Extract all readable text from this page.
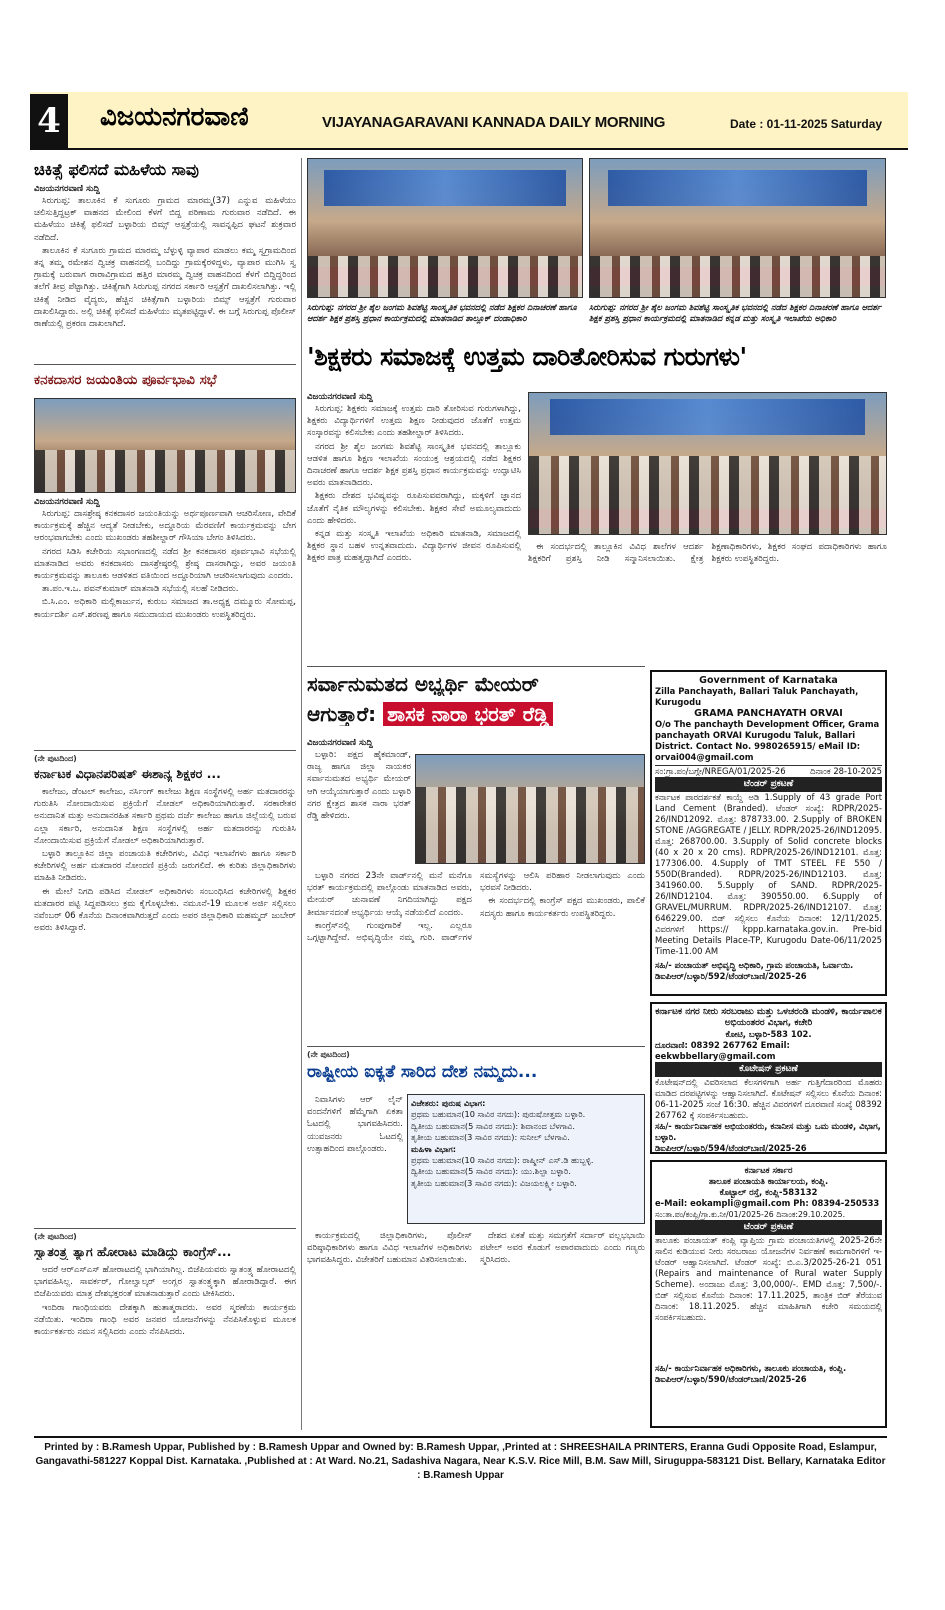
4 ವಿಜಯನಗರವಾಣಿ	VIJAYANAGARAVANI KANNADA DAILY MORNING	Date : 01-11-2025 Saturday
ಚಿಕಿತ್ಸೆ ಫಲಿಸದೆ ಮಹಿಳೆಯ ಸಾವು
ವಿಜಯನಗರವಾಣಿ ಸುದ್ದಿ

ಸಿರುಗುಪ್ಪ: ತಾಲೂಕಿನ ಕೆ ಸುಗೂರು ಗ್ರಾಮದ ಮಾರಮ್ಮ(37) ಎನ್ನುವ ಮಹಿಳೆಯು ಚಲಿಸುತ್ತಿದ್ದಟ್ರಕ್ ವಾಹನದ ಮೇಲಿಂದ ಕೆಳಗೆ ಬಿದ್ದ ಪರಿಣಾಮ ಗುರುವಾರ ನಡೆದಿದೆ. ಈ ಮಹಿಳೆಯು ಚಿಕಿತ್ಸೆ ಫಲಿಸದೆ ಬಳ್ಳಾರಿಯ ಬಿಮ್ಸ್ ಆಸ್ಪತ್ರೆಯಲ್ಲಿ ಸಾವನ್ನಪ್ಪಿದ ಘಟನೆ ಶುಕ್ರವಾರ ನಡೆದಿದೆ.

ತಾಲೂಕಿನ ಕೆ ಸುಗೂರು ಗ್ರಾಮದ ಮಾರಮ್ಮ ಬೆಳ್ಳುಳ್ಳಿ ವ್ಯಾಪಾರ ಮಾಡಲು ಕಮ್ಮ ಸ್ವಗ್ರಾಮದಿಂದ ತನ್ನ ತಮ್ಮ ರಮೇಶನ ದ್ವಿಚಕ್ರ ವಾಹನದಲ್ಲಿ ಬಂದಿದ್ದು ಗ್ರಾಮಕ್ಕೆರಳಿದ್ದಳು, ವ್ಯಾಪಾರ ಮುಗಿಸಿ ಸ್ವ ಗ್ರಾಮಕ್ಕೆ ಬರುವಾಗ ರಾರಾವಿಗ್ರಾಮದ ಹತ್ತಿರ ಮಾರಮ್ಮ ದ್ವಿಚಕ್ರ ವಾಹನದಿಂದ ಕೆಳಗೆ ಬಿದ್ದಿದ್ದರಿಂದ ತಲೆಗೆ ತೀವ್ರ ಪೆಟ್ಟಾಗಿತ್ತು. ಚಿಕಿತ್ಸೆಗಾಗಿ ಸಿರುಗುಪ್ಪ ನಗರದ ಸರ್ಕಾರಿ ಆಸ್ಪತ್ರೆಗೆ ದಾಖಲಿಸಲಾಗಿತ್ತು. ಇಲ್ಲಿ ಚಿಕಿತ್ಸೆ ನೀಡಿದ ವೈದ್ಯರು, ಹೆಚ್ಚಿನ ಚಿಕಿತ್ಸೆಗಾಗಿ ಬಳ್ಳಾರಿಯ ಬಿಮ್ಸ್ ಆಸ್ಪತ್ರೆಗೆ ಗುರುವಾರ ದಾಖಲಿಸಿದ್ದಾರು. ಅಲ್ಲಿ ಚಿಕಿತ್ಸೆ ಫಲಿಸದೆ ಮಹಿಳೆಯು ಮೃತಪಟ್ಟಿದ್ದಾಳೆ. ಈ ಬಗ್ಗೆ ಸಿರುಗುಪ್ಪ ಪೊಲೀಸ್ ಠಾಣೆಯಲ್ಲಿ ಪ್ರಕರಣ ದಾಖಲಾಗಿದೆ.

ಕನಕದಾಸರ ಜಯಂತಿಯ ಪೂರ್ವಭಾವಿ ಸಭೆ
ವಿಜಯನಗರವಾಣಿ ಸುದ್ದಿ

ಸಿರುಗುಪ್ಪ: ದಾಸಶ್ರೇಷ್ಠ ಕನಕದಾಸರ ಜಯಂತಿಯನ್ನು ಅರ್ಥಪೂರ್ಣವಾಗಿ ಆಚರಿಸೋಣ, ವೇದಿಕೆ ಕಾರ್ಯಕ್ರಮಕ್ಕೆ ಹೆಚ್ಚಿನ ಆದ್ಯತೆ ನೀಡಬೇಕು, ಅದ್ದೂರಿಯ ಮೆರವಣಿಗೆ ಕಾರ್ಯಕ್ರಮವನ್ನು ಬೇಗ ಆರಂಭವಾಗಬೇಕು ಎಂದು ಮುಖಂಡರು ತಹಶೀಲ್ದಾರ್ ಗೌಸಿಯಾ ಬೇಗಂ ತಿಳಿಸಿದರು.

ನಗರದ ಸಿಡಿಸಿ ಕಚೇರಿಯ ಸಭಾಂಗಣದಲ್ಲಿ ನಡೆದ ಶ್ರೀ ಕನಕದಾಸರ ಪೂರ್ವಭಾವಿ ಸಭೆಯಲ್ಲಿ ಮಾತನಾಡಿದ ಅವರು ಕನಕದಾಸರು ದಾಸಶ್ರೇಷ್ಠರಲ್ಲಿ ಶ್ರೇಷ್ಠ ದಾಸರಾಗಿದ್ದು, ಅವರ ಜಯಂತಿ ಕಾರ್ಯಕ್ರಮವನ್ನು ತಾಲೂಕು ಆಡಳಿತದ ವತಿಯಿಂದ ಅದ್ದೂರಿಯಾಗಿ ಆಚರಿಸಲಾಗುವುದು ಎಂದರು.

ತಾ.ಪಂ.ಇ.ಒ. ಪವನ್‌ಕುಮಾರ್ ಮಾತನಾಡಿ ಸಭೆಯಲ್ಲಿ ಸಲಹೆ ನೀಡಿದರು.

ಬಿ.ಸಿ.ಎಂ. ಅಧಿಕಾರಿ ಮಲ್ಲಿಕಾರ್ಜುನ, ಕುರುಬ ಸಮಾಜದ ತಾ.ಅಧ್ಯಕ್ಷ ದಮ್ಮೂರು ಸೋಮಪ್ಪ, ಕಾರ್ಯದರ್ಶಿ ಎಸ್.ಶರಣಪ್ಪ ಹಾಗೂ ಸಮುದಾಯದ ಮುಖಂಡರು ಉಪಸ್ಥಿತರಿದ್ದರು.

(ನೇ ಪುಟದಿಂದ)
ಕರ್ನಾಟಕ ವಿಧಾನಪರಿಷತ್ ಈಶಾನ್ಯ ಶಿಕ್ಷಕರ ...

ಕಾಲೇಜು, ಡೆಂಟಲ್ ಕಾಲೇಜು, ನರ್ಸಿಂಗ್ ಕಾಲೇಜು ಶಿಕ್ಷಣ ಸಂಸ್ಥೆಗಳಲ್ಲಿ ಅರ್ಹ ಮತದಾರರನ್ನು ಗುರುತಿಸಿ ನೋಂದಾಯಿಸುವ ಪ್ರಕ್ರಿಯೆಗೆ ನೋಡಲ್ ಅಧಿಕಾರಿಯಾಗಿರುತ್ತಾರೆ. ಸರಕಾರೇತರ ಅನುದಾನಿತ ಮತ್ತು ಅನುದಾನರಹಿತ ಸರ್ಕಾರಿ ಪ್ರಥಮ ದರ್ಜೆ ಕಾಲೇಜು ಹಾಗೂ ಜಿಲ್ಲೆಯಲ್ಲಿ ಬರುವ ಎಲ್ಲಾ ಸರ್ಕಾರಿ, ಅನುದಾನಿತ ಶಿಕ್ಷಣ ಸಂಸ್ಥೆಗಳಲ್ಲಿ ಅರ್ಹ ಮತದಾರರನ್ನು ಗುರುತಿಸಿ ನೋಂದಾಯಿಸುವ ಪ್ರಕ್ರಿಯೆಗೆ ನೋಡಲ್ ಅಧಿಕಾರಿಯಾಗಿರುತ್ತಾರೆ.

ಬಳ್ಳಾರಿ ತಾಲ್ಲೂಕಿನ ಜಿಲ್ಲಾ ಪಂಚಾಯತಿ ಕಚೇರಿಗಳು, ವಿವಿಧ ಇಲಾಖೆಗಳು ಹಾಗೂ ಸರ್ಕಾರಿ ಕಚೇರಿಗಳಲ್ಲಿ ಅರ್ಹ ಮತದಾರರ ನೋಂದಣಿ ಪ್ರಕ್ರಿಯೆ ಜರುಗಲಿದೆ. ಈ ಕುರಿತು ಜಿಲ್ಲಾಧಿಕಾರಿಗಳು ಮಾಹಿತಿ ನೀಡಿದರು.

ಈ ಮೇಲೆ ನಿಗದಿ ಪಡಿಸಿದ ನೋಡಲ್ ಅಧಿಕಾರಿಗಳು ಸಂಬಂಧಿಸಿದ ಕಚೇರಿಗಳಲ್ಲಿ ಶಿಕ್ಷಕರ ಮತದಾರರ ಪಟ್ಟಿ ಸಿದ್ದಪಡಿಸಲು ಕ್ರಮ ಕೈಗೊಳ್ಳಬೇಕು. ನಮೂನೆ-19 ಮೂಲಕ ಅರ್ಜಿ ಸಲ್ಲಿಸಲು ನವೆಂಬರ್ 06 ಕೊನೆಯ ದಿನಾಂಕವಾಗಿರುತ್ತದೆ ಎಂದು ಅಪರ ಜಿಲ್ಲಾಧಿಕಾರಿ ಮಹಮ್ಮದ್ ಜುಬೇರ್ ಅವರು ತಿಳಿಸಿದ್ದಾರೆ.

(ನೇ ಪುಟದಿಂದ)
ಸ್ವಾತಂತ್ರ್ಯ ತ್ಯಾಗ ಹೋರಾಟ ಮಾಡಿದ್ದು ಕಾಂಗ್ರೆಸ್...

ಆದರೆ ಆರ್‌ಎಸ್‌ಎಸ್ ಹೋರಾಟದಲ್ಲಿ ಭಾಗಿಯಾಗಿಲ್ಲ. ಬಿಜೆಪಿಯವರು ಸ್ವಾತಂತ್ರ್ಯ ಹೋರಾಟದಲ್ಲಿ ಭಾಗವಹಿಸಿಲ್ಲ. ಸಾವರ್ಕರ್, ಗೋಲ್ವಾಲ್ಕರ್ ಅಂಗ್ಲರ ಸ್ವಾತಂತ್ರ್ಯಕ್ಕಾಗಿ ಹೋರಾಡಿದ್ದಾರೆ. ಈಗ ಬಿಜೆಪಿಯವರು ಮಾತ್ರ ದೇಶಭಕ್ತರಂತೆ ಮಾತನಾಡುತ್ತಾರೆ ಎಂದು ಟೀಕಿಸಿದರು.

ಇಂದಿರಾ ಗಾಂಧಿಯವರು ದೇಶಕ್ಕಾಗಿ ಹುತಾತ್ಮರಾದರು. ಅವರ ಸ್ಮರಣೆಯ ಕಾರ್ಯಕ್ರಮ ನಡೆಯಿತು. ಇಂದಿರಾ ಗಾಂಧಿ ಅವರ ಜನಪರ ಯೋಜನೆಗಳನ್ನು ನೆನಪಿಸಿಕೊಳ್ಳುವ ಮೂಲಕ ಕಾರ್ಯಕರ್ತರು ನಮನ ಸಲ್ಲಿಸಿದರು ಎಂದು ನೆನಪಿಸಿದರು.

ಸಿರುಗುಪ್ಪ: ನಗರದ ಶ್ರೀ ಶೈಲ ಜಂಗಮ ಶಿವಶೆಟ್ಟಿ ಸಾಂಸ್ಕೃತಿಕ ಭವನದಲ್ಲಿ ನಡೆದ ಶಿಕ್ಷಕರ ದಿನಾಚರಣೆ ಹಾಗೂ ಆದರ್ಶ ಶಿಕ್ಷಕ ಪ್ರಶಸ್ತಿ ಪ್ರಧಾನ ಕಾರ್ಯಕ್ರಮದಲ್ಲಿ ಮಾತನಾಡಿದ ತಾಲ್ಲೂಕ್ ದಂಡಾಧಿಕಾರಿ
ಸಿರುಗುಪ್ಪ: ನಗರದ ಶ್ರೀ ಶೈಲ ಜಂಗಮ ಶಿವಶೆಟ್ಟಿ ಸಾಂಸ್ಕೃತಿಕ ಭವನದಲ್ಲಿ ನಡೆದ ಶಿಕ್ಷಕರ ದಿನಾಚರಣೆ ಹಾಗೂ ಆದರ್ಶ ಶಿಕ್ಷಕ ಪ್ರಶಸ್ತಿ ಪ್ರಧಾನ ಕಾರ್ಯಕ್ರಮದಲ್ಲಿ ಮಾತನಾಡಿದ ಕನ್ನಡ ಮತ್ತು ಸಂಸ್ಕೃತಿ ಇಲಾಖೆಯ ಅಧಿಕಾರಿ
'ಶಿಕ್ಷಕರು ಸಮಾಜಕ್ಕೆ ಉತ್ತಮ ದಾರಿತೋರಿಸುವ ಗುರುಗಳು'
ವಿಜಯನಗರವಾಣಿ ಸುದ್ದಿ

ಸಿರುಗುಪ್ಪ: ಶಿಕ್ಷಕರು ಸಮಾಜಕ್ಕೆ ಉತ್ತಮ ದಾರಿ ತೋರಿಸುವ ಗುರುಗಳಾಗಿದ್ದು, ಶಿಕ್ಷಕರು ವಿದ್ಯಾರ್ಥಿಗಳಿಗೆ ಉತ್ತಮ ಶಿಕ್ಷಣ ನೀಡುವುದರ ಜೊತೆಗೆ ಉತ್ತಮ ಸಂಸ್ಕಾರವನ್ನು ಕಲಿಸಬೇಕು ಎಂದು ತಹಶೀಲ್ದಾರ್ ತಿಳಿಸಿದರು.

ನಗರದ ಶ್ರೀ ಶೈಲ ಜಂಗಮ ಶಿವಶೆಟ್ಟಿ ಸಾಂಸ್ಕೃತಿಕ ಭವನದಲ್ಲಿ ತಾಲ್ಲೂಕು ಆಡಳಿತ ಹಾಗೂ ಶಿಕ್ಷಣ ಇಲಾಖೆಯ ಸಂಯುಕ್ತ ಆಶ್ರಯದಲ್ಲಿ ನಡೆದ ಶಿಕ್ಷಕರ ದಿನಾಚರಣೆ ಹಾಗೂ ಆದರ್ಶ ಶಿಕ್ಷಕ ಪ್ರಶಸ್ತಿ ಪ್ರಧಾನ ಕಾರ್ಯಕ್ರಮವನ್ನು ಉದ್ಘಾಟಿಸಿ ಅವರು ಮಾತನಾಡಿದರು.

ಶಿಕ್ಷಕರು ದೇಶದ ಭವಿಷ್ಯವನ್ನು ರೂಪಿಸುವವರಾಗಿದ್ದು, ಮಕ್ಕಳಿಗೆ ಜ್ಞಾನದ ಜೊತೆಗೆ ನೈತಿಕ ಮೌಲ್ಯಗಳನ್ನು ಕಲಿಸಬೇಕು. ಶಿಕ್ಷಕರ ಸೇವೆ ಅಮೂಲ್ಯವಾದುದು ಎಂದು ಹೇಳಿದರು.

ಕನ್ನಡ ಮತ್ತು ಸಂಸ್ಕೃತಿ ಇಲಾಖೆಯ ಅಧಿಕಾರಿ ಮಾತನಾಡಿ, ಸಮಾಜದಲ್ಲಿ ಶಿಕ್ಷಕರ ಸ್ಥಾನ ಬಹಳ ಉನ್ನತವಾದುದು. ವಿದ್ಯಾರ್ಥಿಗಳ ಜೀವನ ರೂಪಿಸುವಲ್ಲಿ ಶಿಕ್ಷಕರ ಪಾತ್ರ ಮಹತ್ವದ್ದಾಗಿದೆ ಎಂದರು.

ಈ ಸಂದರ್ಭದಲ್ಲಿ ತಾಲ್ಲೂಕಿನ ವಿವಿಧ ಶಾಲೆಗಳ ಆದರ್ಶ ಶಿಕ್ಷಕರಿಗೆ ಪ್ರಶಸ್ತಿ ನೀಡಿ ಸನ್ಮಾನಿಸಲಾಯಿತು. ಕ್ಷೇತ್ರ ಶಿಕ್ಷಣಾಧಿಕಾರಿಗಳು, ಶಿಕ್ಷಕರ ಸಂಘದ ಪದಾಧಿಕಾರಿಗಳು ಹಾಗೂ ಶಿಕ್ಷಕರು ಉಪಸ್ಥಿತರಿದ್ದರು.

ಸರ್ವಾನುಮತದ ಅಭ್ಯರ್ಥಿ ಮೇಯರ್
ಆಗುತ್ತಾರೆ: ಶಾಸಕ ನಾರಾ ಭರತ್ ರೆಡ್ಡಿ
ವಿಜಯನಗರವಾಣಿ ಸುದ್ದಿ

ಬಳ್ಳಾರಿ: ಪಕ್ಷದ ಹೈಕಮಾಂಡ್, ರಾಜ್ಯ ಹಾಗೂ ಜಿಲ್ಲಾ ನಾಯಕರ ಸರ್ವಾನುಮತದ ಅಭ್ಯರ್ಥಿ ಮೇಯರ್ ಆಗಿ ಆಯ್ಕೆಯಾಗುತ್ತಾರೆ ಎಂದು ಬಳ್ಳಾರಿ ನಗರ ಕ್ಷೇತ್ರದ ಶಾಸಕ ನಾರಾ ಭರತ್ ರೆಡ್ಡಿ ಹೇಳಿದರು.

ಬಳ್ಳಾರಿ ನಗರದ 23ನೇ ವಾರ್ಡ್‌ನಲ್ಲಿ ಮನೆ ಮನೆಗೂ ಭರತ್ ಕಾರ್ಯಕ್ರಮದಲ್ಲಿ ಪಾಲ್ಗೊಂಡು ಮಾತನಾಡಿದ ಅವರು, ಮೇಯರ್ ಚುನಾವಣೆ ನಿಗದಿಯಾಗಿದ್ದು ಪಕ್ಷದ ತೀರ್ಮಾನದಂತೆ ಅಭ್ಯರ್ಥಿಯ ಆಯ್ಕೆ ನಡೆಯಲಿದೆ ಎಂದರು.

ಕಾಂಗ್ರೆಸ್‌ನಲ್ಲಿ ಗುಂಪುಗಾರಿಕೆ ಇಲ್ಲ. ಎಲ್ಲರೂ ಒಗ್ಗಟ್ಟಾಗಿದ್ದೇವೆ. ಅಭಿವೃದ್ಧಿಯೇ ನಮ್ಮ ಗುರಿ. ವಾರ್ಡ್‌ಗಳ ಸಮಸ್ಯೆಗಳನ್ನು ಆಲಿಸಿ ಪರಿಹಾರ ನೀಡಲಾಗುವುದು ಎಂದು ಭರವಸೆ ನೀಡಿದರು.

ಈ ಸಂದರ್ಭದಲ್ಲಿ ಕಾಂಗ್ರೆಸ್ ಪಕ್ಷದ ಮುಖಂಡರು, ಪಾಲಿಕೆ ಸದಸ್ಯರು ಹಾಗೂ ಕಾರ್ಯಕರ್ತರು ಉಪಸ್ಥಿತರಿದ್ದರು.

(ನೇ ಪುಟದಿಂದ)
ರಾಷ್ಟ್ರೀಯ ಐಕ್ಯತೆ ಸಾರಿದ ದೇಶ ನಮ್ಮದು...

ನಿವಾಸಿಗಳು ಆರ್ ಲೈನ್ ವಂದನೆಗಳಿಗೆ ಹೆಮ್ಮೆಗಾಗಿ ಏಕತಾ ಓಟದಲ್ಲಿ ಭಾಗವಹಿಸಿದರು. ಯುವಜನರು ಓಟದಲ್ಲಿ ಉತ್ಸಾಹದಿಂದ ಪಾಲ್ಗೊಂಡರು.

ವಿಜೇತರು: ಪುರುಷ ವಿಭಾಗ:
ಪ್ರಥಮ ಬಹುಮಾನ(10 ಸಾವಿರ ನಗದು): ಪುರುಷೋತ್ತಮ ಬಳ್ಳಾರಿ.
ದ್ವಿತೀಯ ಬಹುಮಾನ(5 ಸಾವಿರ ನಗದು): ಶಿವಾನಂದ ಬೆಳಗಾವಿ.
ತೃತೀಯ ಬಹುಮಾನ(3 ಸಾವಿರ ನಗದು): ಸುನೀಲ್ ಬೆಳಗಾವಿ.
ಮಹಿಳಾ ವಿಭಾಗ:
ಪ್ರಥಮ ಬಹುಮಾನ(10 ಸಾವಿರ ನಗದು): ರಾಷ್ಮೀನ್ ಎಸ್.ಡಿ ಹುಬ್ಬಳ್ಳಿ.
ದ್ವಿತೀಯ ಬಹುಮಾನ(5 ಸಾವಿರ ನಗದು): ಯು.ಶಿಲ್ಪಾ ಬಳ್ಳಾರಿ.
ತೃತೀಯ ಬಹುಮಾನ(3 ಸಾವಿರ ನಗದು): ವಿಜಯಲಕ್ಷ್ಮೀ ಬಳ್ಳಾರಿ.

ಕಾರ್ಯಕ್ರಮದಲ್ಲಿ ಜಿಲ್ಲಾಧಿಕಾರಿಗಳು, ಪೊಲೀಸ್ ವರಿಷ್ಠಾಧಿಕಾರಿಗಳು ಹಾಗೂ ವಿವಿಧ ಇಲಾಖೆಗಳ ಅಧಿಕಾರಿಗಳು ಭಾಗವಹಿಸಿದ್ದರು. ವಿಜೇತರಿಗೆ ಬಹುಮಾನ ವಿತರಿಸಲಾಯಿತು.

ದೇಶದ ಏಕತೆ ಮತ್ತು ಸಮಗ್ರತೆಗೆ ಸರ್ದಾರ್ ವಲ್ಲಭಭಾಯಿ ಪಟೇಲ್ ಅವರ ಕೊಡುಗೆ ಅಪಾರವಾದುದು ಎಂದು ಗಣ್ಯರು ಸ್ಮರಿಸಿದರು.

Government of Karnataka
Zilla Panchayath, Ballari Taluk Panchayath, Kurugodu
GRAMA PANCHAYATH ORVAI
O/o The panchayth Development Officer, Grama panchayath ORVAI Kurugodu Taluk, Ballari District. Contact No. 9980265915/ eMail ID: orvai004@gmail.com
ಸಂ:ಗ್ರಾ.ಪಂ/ಬಗ್ಗೇ/NREGA/01/2025-26	ದಿನಾಂಕ 28-10-2025
ಟೆಂಡರ್ ಪ್ರಕಟಣೆ
ಕರ್ನಾಟಕ ಪಾರದರ್ಶಕತೆ ಕಾಯ್ದೆ ಅಡಿ 1.Supply of 43 grade Port Land Cement (Branded). ಟೆಂಡರ್ ಸಂಖ್ಯೆ: RDPR/2025-26/IND12092. ಮೊತ್ತ: 878733.00. 2.Supply of BROKEN STONE /AGGREGATE / JELLY. RDPR/2025-26/IND12095. ಮೊತ್ತ: 268700.00. 3.Supply of Solid concrete blocks (40 x 20 x 20 cms). RDPR/2025-26/IND12101. ಮೊತ್ತ: 177306.00. 4.Supply of TMT STEEL FE 550 / 550D(Branded). RDPR/2025-26/IND12103. ಮೊತ್ತ: 341960.00. 5.Supply of SAND. RDPR/2025-26/IND12104. ಮೊತ್ತ: 390550.00. 6.Supply of GRAVEL/MURRUM. RDPR/2025-26/IND12107. ಮೊತ್ತ: 646229.00. ಬಿಡ್ ಸಲ್ಲಿಸಲು ಕೊನೆಯ ದಿನಾಂಕ: 12/11/2025. ವಿವರಗಳಿಗೆ https:// kppp.karnataka.gov.in. Pre-bid Meeting Details Place-TP, Kurugodu Date-06/11/2025 Time-11.00 AM
ಸಹಿ/- ಪಂಚಾಯತ್ ಅಭಿವೃದ್ಧಿ ಅಧಿಕಾರಿ, ಗ್ರಾಮ ಪಂಚಾಯತಿ, ಓರ್ವಾಯಿ.
ಡಿಐಪಿಆರ್/ಬಳ್ಳಾರಿ/592/ಟೆಂಡರ್‌ಬಾಣಿ/2025-26
ಕರ್ನಾಟಕ ನಗರ ನೀರು ಸರಬರಾಜು ಮತ್ತು ಒಳಚರಂಡಿ ಮಂಡಳಿ, ಕಾರ್ಯಪಾಲಕ ಅಭಿಯಂತರರ ವಿಭಾಗ, ಕಚೇರಿ
ಕೋಟಿ, ಬಳ್ಳಾರಿ-583 102.
ದೂರವಾಣಿ: 08392 267762 Email: eekwbbellary@gmail.com
ಕೊಟೇಷನ್ ಪ್ರಕಟಣೆ
ಕೊಟೇಷನ್‌ದಲ್ಲಿ ವಿವರಿಸಲಾದ ಕೆಲಸಗಳಿಗಾಗಿ ಅರ್ಹ ಗುತ್ತಿಗೆದಾರರಿಂದ ಮೊಹರು ಮಾಡಿದ ದರಪಟ್ಟಿಗಳನ್ನು ಆಹ್ವಾನಿಸಲಾಗಿದೆ. ಕೊಟೇಷನ್ ಸಲ್ಲಿಸಲು ಕೊನೆಯ ದಿನಾಂಕ: 06-11-2025 ಸಂಜೆ 16:30. ಹೆಚ್ಚಿನ ವಿವರಗಳಿಗೆ ದೂರವಾಣಿ ಸಂಖ್ಯೆ 08392 267762 ಕ್ಕೆ ಸಂಪರ್ಕಿಸಬಹುದು.
ಸಹಿ/- ಕಾರ್ಯನಿರ್ವಾಹಕ ಅಭಿಯಂತರರು, ಕನಾನೀಸ ಮತ್ತು ಒಮ ಮಂಡಳಿ, ವಿಭಾಗ, ಬಳ್ಳಾರಿ.
ಡಿಐಪಿಆರ್/ಬಳ್ಳಾರಿ/594/ಟೆಂಡರ್‌ಬಾಣಿ/2025-26
ಕರ್ನಾಟಕ ಸರ್ಕಾರ
ತಾಲೂಕ ಪಂಚಾಯತಿ ಕಾರ್ಯಾಲಯ, ಕಂಪ್ಲಿ.
ಕೊಟ್ಟಾಲ್ ರಸ್ತೆ, ಕಂಪ್ಲಿ-583132
e-Mail: eokampli@gmail.com Ph: 08394-250533
ಸಂ:ತಾ.ಪಂ/ಕಂಪ್ಲಿ/ಗ್ರಾ.ಕು.ನೀ/01/2025-26 ದಿನಾಂಕ:29.10.2025.
ಟೆಂಡರ್ ಪ್ರಕಟಣೆ
ತಾಲೂಕು ಪಂಚಾಯತ್ ಕಂಪ್ಲಿ ವ್ಯಾಪ್ತಿಯ ಗ್ರಾಮ ಪಂಚಾಯತಿಗಳಲ್ಲಿ 2025-26ನೇ ಸಾಲಿನ ಕುಡಿಯುವ ನೀರು ಸರಬರಾಜು ಯೋಜನೆಗಳ ನಿರ್ವಹಣೆ ಕಾಮಗಾರಿಗಳಿಗೆ ಇ-ಟೆಂಡರ್ ಆಹ್ವಾನಿಸಲಾಗಿದೆ. ಟೆಂಡರ್ ಸಂಖ್ಯೆ: ಬಿ.ಎ.3/2025-26-21 051 (Repairs and maintenance of Rural water Supply Scheme). ಅಂದಾಜು ಮೊತ್ತ: 3,00,000/-. EMD ಮೊತ್ತ: 7,500/-. ಬಿಡ್ ಸಲ್ಲಿಸುವ ಕೊನೆಯ ದಿನಾಂಕ: 17.11.2025, ತಾಂತ್ರಿಕ ಬಿಡ್ ತೆರೆಯುವ ದಿನಾಂಕ: 18.11.2025. ಹೆಚ್ಚಿನ ಮಾಹಿತಿಗಾಗಿ ಕಚೇರಿ ಸಮಯದಲ್ಲಿ ಸಂಪರ್ಕಿಸಬಹುದು.
ಸಹಿ/- ಕಾರ್ಯನಿರ್ವಾಹಕ ಅಧಿಕಾರಿಗಳು, ತಾಲೂಕು ಪಂಚಾಯತಿ, ಕಂಪ್ಲಿ.
ಡಿಐಪಿಆರ್/ಬಳ್ಳಾರಿ/590/ಟೆಂಡರ್‌ಬಾಣಿ/2025-26
Printed by : B.Ramesh Uppar, Published by : B.Ramesh Uppar and Owned by: B.Ramesh Uppar, ,Printed at : SHREESHAILA PRINTERS, Eranna Gudi Opposite Road, Eslampur, Gangavathi-581227 Koppal Dist. Karnataka. ,Published at : At Ward. No.21, Sadashiva Nagara, Near K.S.V. Rice Mill, B.M. Saw Mill, Siruguppa-583121 Dist. Bellary, Karnataka Editor : B.Ramesh Uppar
